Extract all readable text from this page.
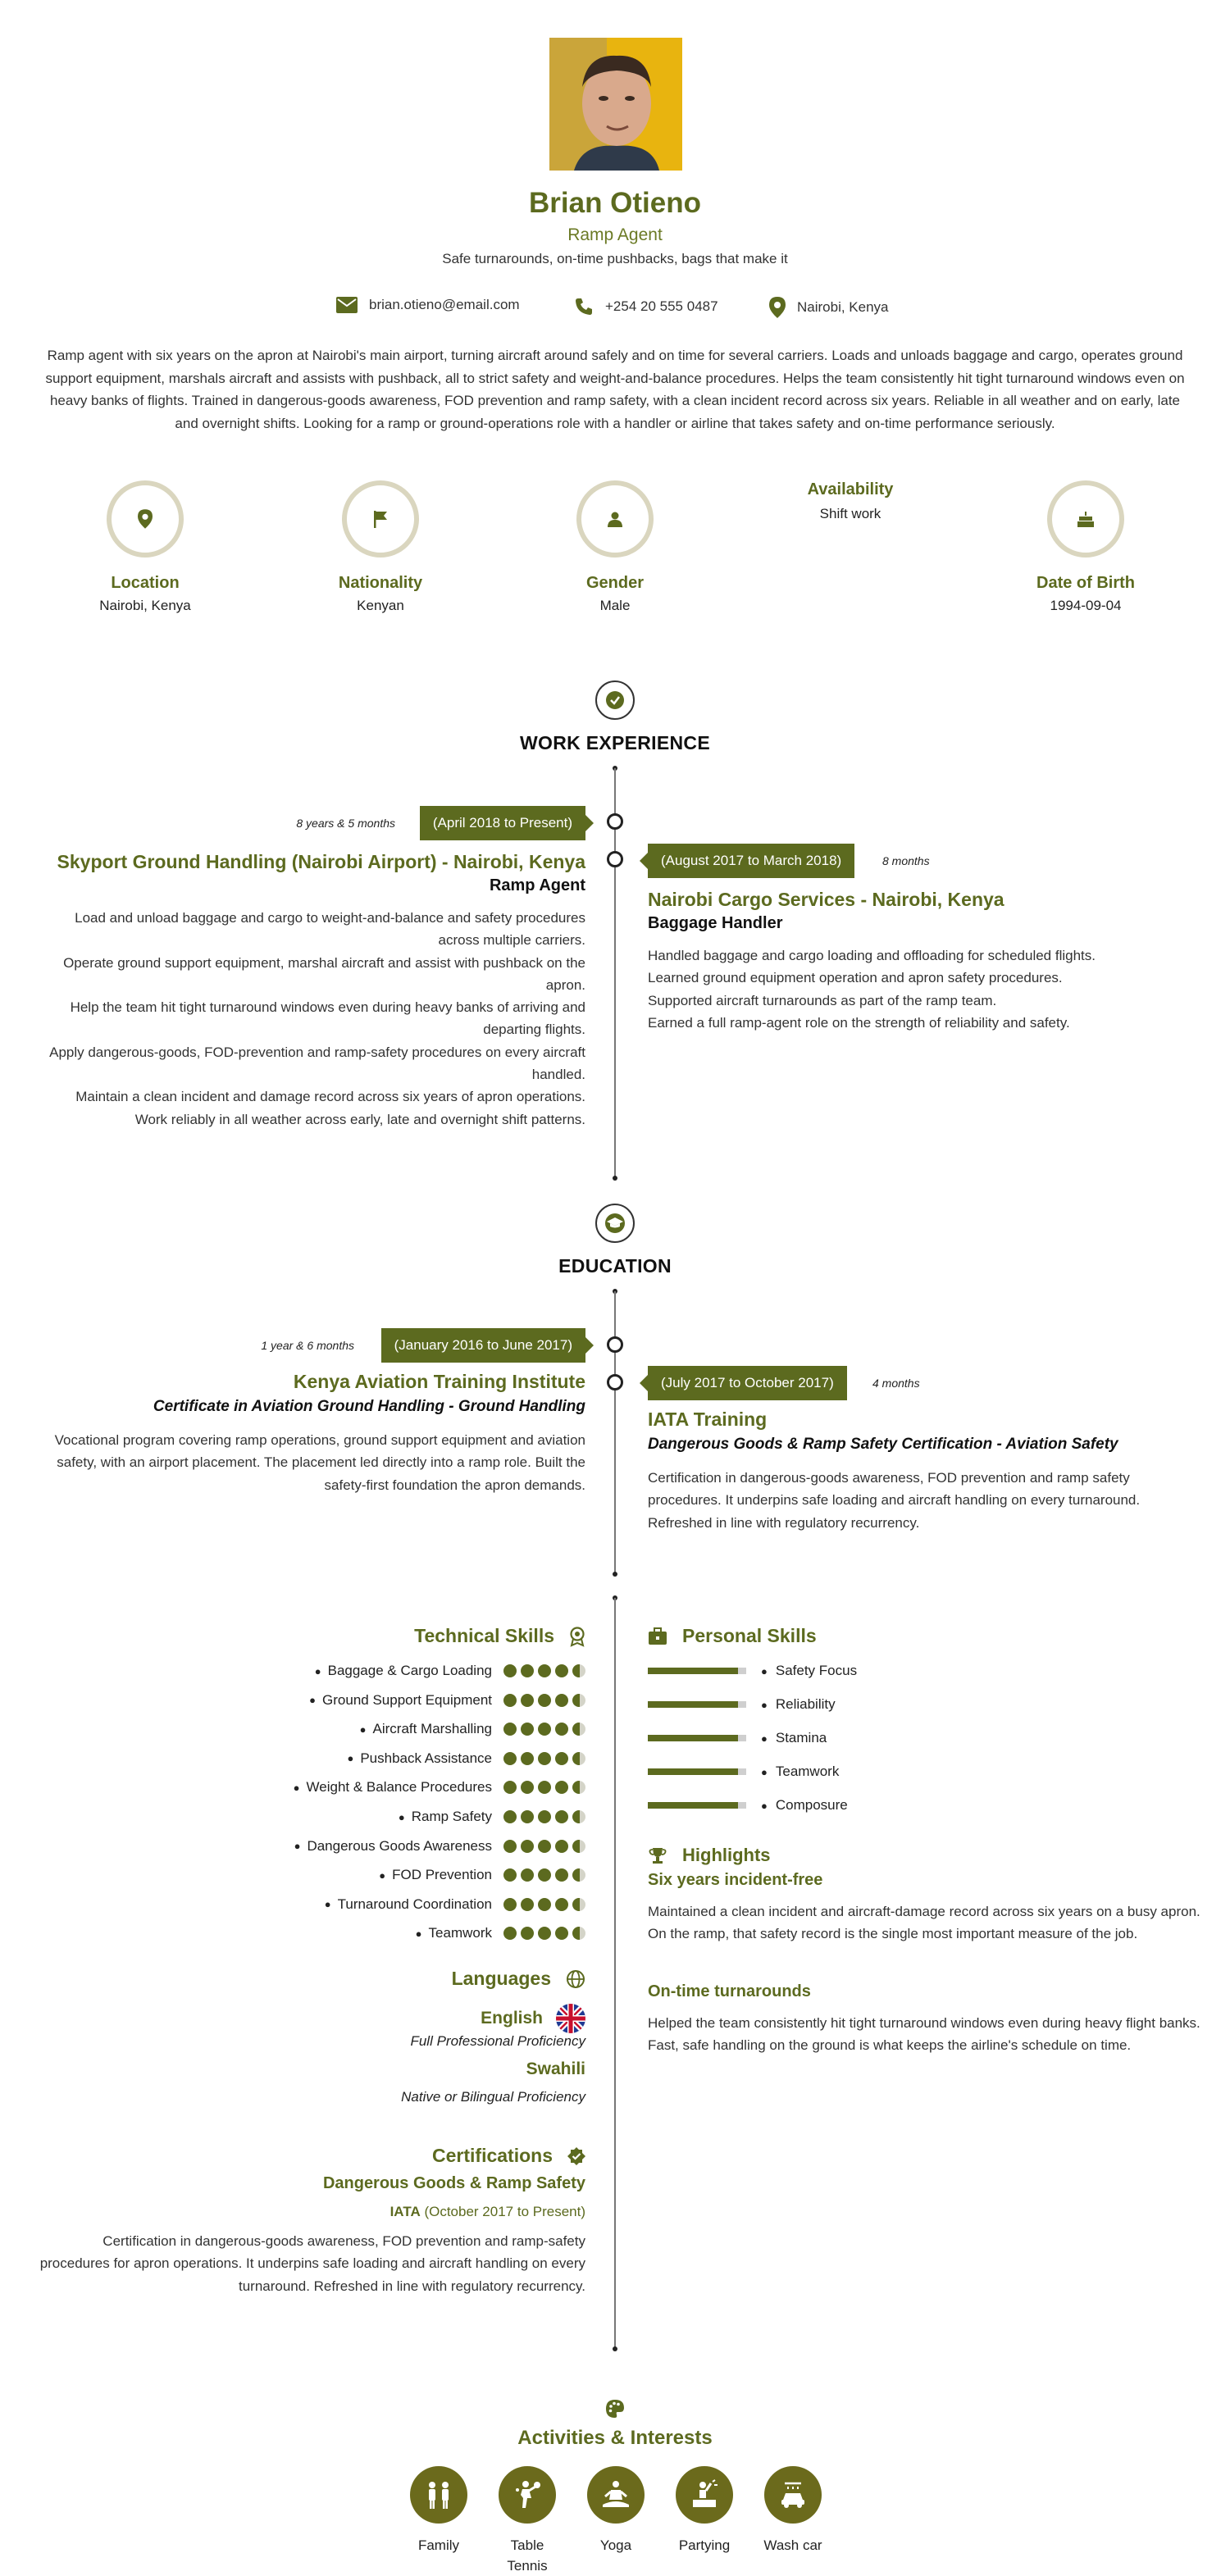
Brian Otieno
Ramp Agent
Safe turnarounds, on-time pushbacks, bags that make it
brian.otieno@email.com	+254 20 555 0487	Nairobi, Kenya
Ramp agent with six years on the apron at Nairobi's main airport, turning aircraft around safely and on time for several carriers. Loads and unloads baggage and cargo, operates ground support equipment, marshals aircraft and assists with pushback, all to strict safety and weight-and-balance procedures. Helps the team consistently hit tight turnaround windows even on heavy banks of flights. Trained in dangerous-goods awareness, FOD prevention and ramp safety, with a clean incident record across six years. Reliable in all weather and on early, late and overnight shifts. Looking for a ramp or ground-operations role with a handler or airline that takes safety and on-time performance seriously.
Location
Nairobi, Kenya
Nationality
Kenyan
Gender
Male
Availability
Shift work
Date of Birth
1994-09-04
WORK EXPERIENCE
8 years & 5 months	(April 2018 to Present)
Skyport Ground Handling (Nairobi Airport) - Nairobi, Kenya
Ramp Agent

Load and unload baggage and cargo to weight-and-balance and safety procedures across multiple carriers.

Operate ground support equipment, marshal aircraft and assist with pushback on the apron.

Help the team hit tight turnaround windows even during heavy banks of arriving and departing flights.

Apply dangerous-goods, FOD-prevention and ramp-safety procedures on every aircraft handled.

Maintain a clean incident and damage record across six years of apron operations.

Work reliably in all weather across early, late and overnight shift patterns.

(August 2017 to March 2018)	8 months
Nairobi Cargo Services - Nairobi, Kenya
Baggage Handler

Handled baggage and cargo loading and offloading for scheduled flights.

Learned ground equipment operation and apron safety procedures.

Supported aircraft turnarounds as part of the ramp team.

Earned a full ramp-agent role on the strength of reliability and safety.

EDUCATION
1 year & 6 months	(January 2016 to June 2017)
Kenya Aviation Training Institute
Certificate in Aviation Ground Handling - Ground Handling
Vocational program covering ramp operations, ground support equipment and aviation safety, with an airport placement. The placement led directly into a ramp role. Built the safety-first foundation the apron demands.
(July 2017 to October 2017)	4 months
IATA Training
Dangerous Goods & Ramp Safety Certification - Aviation Safety
Certification in dangerous-goods awareness, FOD prevention and ramp safety procedures. It underpins safe loading and aircraft handling on every turnaround. Refreshed in line with regulatory recurrency.
Technical Skills
● Baggage & Cargo Loading
● Ground Support Equipment
● Aircraft Marshalling
● Pushback Assistance
● Weight & Balance Procedures
● Ramp Safety
● Dangerous Goods Awareness
● FOD Prevention
● Turnaround Coordination
● Teamwork
Personal Skills
● Safety Focus
● Reliability
● Stamina
● Teamwork
● Composure
Highlights
Six years incident-free
Maintained a clean incident and aircraft-damage record across six years on a busy apron. On the ramp, that safety record is the single most important measure of the job.
On-time turnarounds
Helped the team consistently hit tight turnaround windows even during heavy flight banks. Fast, safe handling on the ground is what keeps the airline's schedule on time.
Languages
English
Full Professional Proficiency
Swahili
Native or Bilingual Proficiency
Certifications
Dangerous Goods & Ramp Safety
IATA (October 2017 to Present)
Certification in dangerous-goods awareness, FOD prevention and ramp-safety procedures for apron operations. It underpins safe loading and aircraft handling on every turnaround. Refreshed in line with regulatory recurrency.
Activities & Interests
Family	Table Tennis
Yoga	Partying	Wash car
